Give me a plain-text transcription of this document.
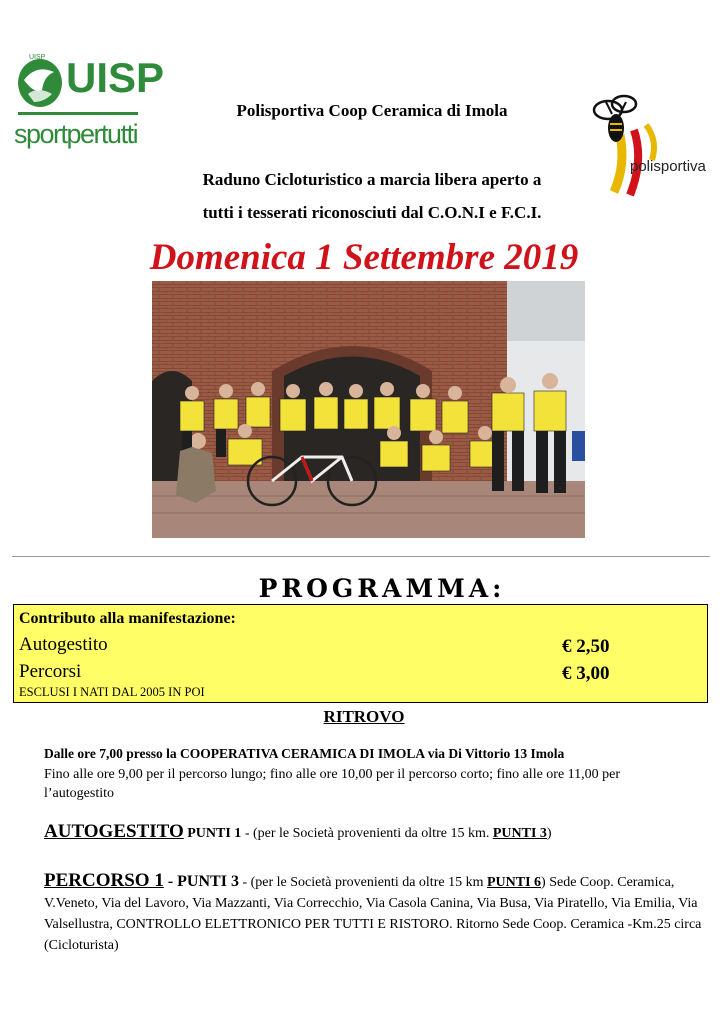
UISP UISP
sportpertutti
polisportiva
Polisportiva Coop Ceramica di Imola
Raduno Cicloturistico a marcia libera aperto a
tutti i tesserati riconosciuti dal C.O.N.I e F.C.I.
Domenica 1 Settembre 2019
PROGRAMMA:
Contributo alla manifestazione:
Autogestito	€ 2,50
Percorsi	€ 3,00
ESCLUSI I NATI DAL 2005 IN POI
RITROVO
Dalle ore 7,00 presso la COOPERATIVA CERAMICA DI IMOLA via Di Vittorio 13 Imola
Fino alle ore 9,00 per il percorso lungo; fino alle ore 10,00 per il percorso corto; fino alle ore 11,00 per l’autogestito
AUTOGESTITO PUNTI 1 - (per le Società provenienti da oltre 15 km. PUNTI 3)
PERCORSO 1 - PUNTI 3 - (per le Società provenienti da oltre 15 km PUNTI 6) Sede Coop. Ceramica, V.Veneto, Via del Lavoro, Via Mazzanti, Via Correcchio, Via Casola Canina, Via Busa, Via Piratello, Via Emilia, Via Valsellustra, CONTROLLO ELETTRONICO PER TUTTI E RISTORO. Ritorno Sede Coop. Ceramica -Km.25 circa (Cicloturista)
